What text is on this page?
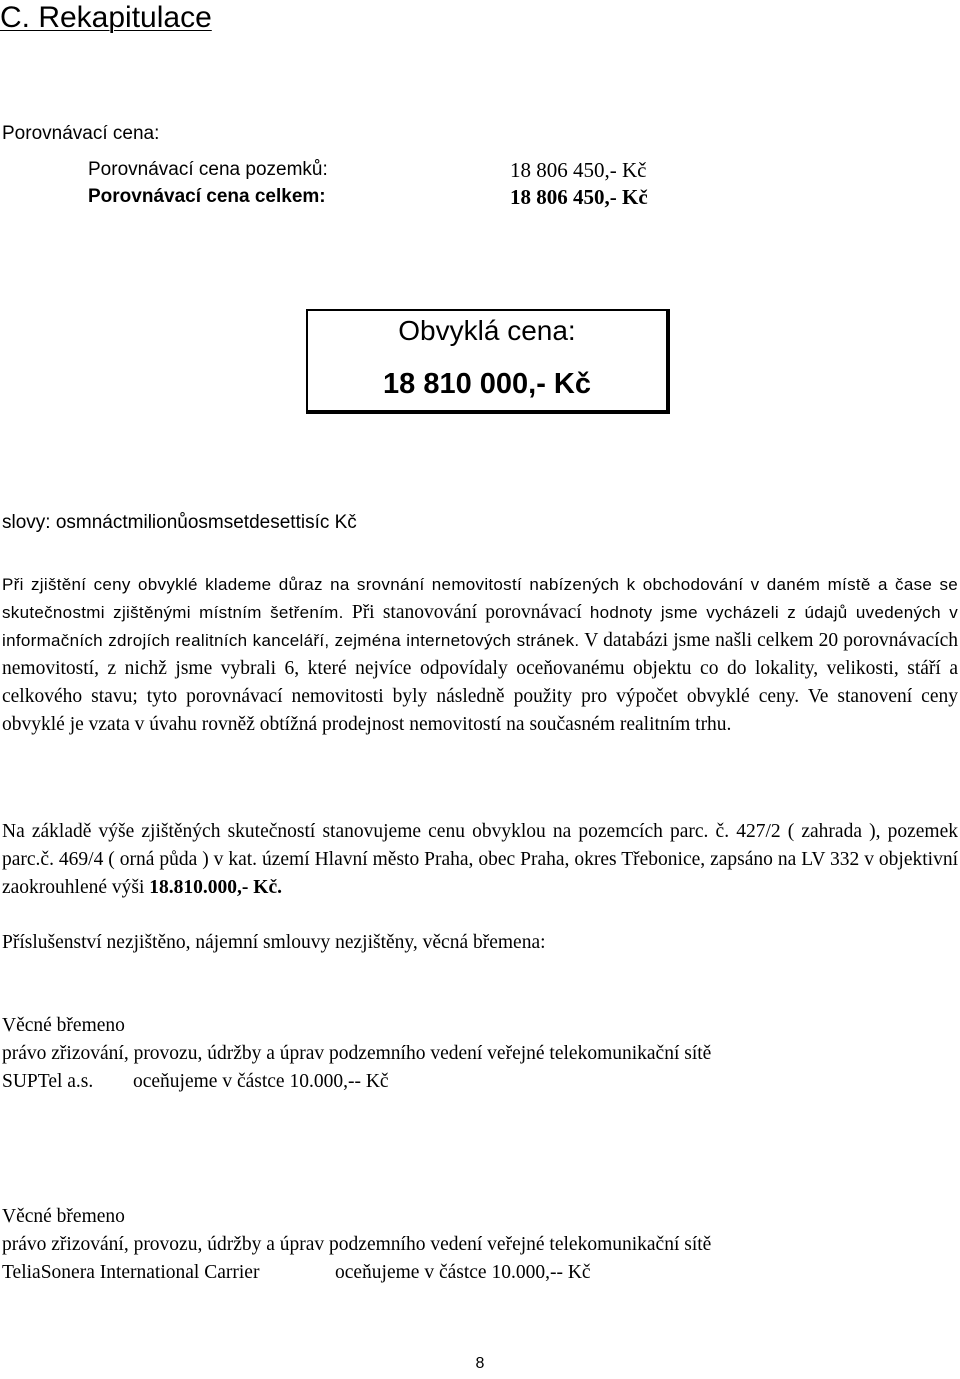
C. Rekapitulace
Porovnávací cena:
Porovnávací cena pozemků:	18 806 450,- Kč
Porovnávací cena celkem:	18 806 450,- Kč
Obvyklá cena:
18 810 000,- Kč
slovy: osmnáctmilionůosmsetdesettisíc Kč
Při zjištění ceny obvyklé klademe důraz na srovnání nemovitostí nabízených k obchodování v daném místě a čase se skutečnostmi zjištěnými místním šetřením. Při stanovování porovnávací hodnoty jsme vycházeli z údajů uvedených v informačních zdrojích realitních kanceláří, zejména internetových stránek. V databázi jsme našli celkem 20 porovnávacích nemovitostí, z nichž jsme vybrali 6, které nejvíce odpovídaly oceňovanému objektu co do lokality, velikosti, stáří a celkového stavu; tyto porovnávací nemovitosti byly následně použity pro výpočet obvyklé ceny. Ve stanovení ceny obvyklé je vzata v úvahu rovněž obtížná prodejnost nemovitostí na současném realitním trhu.
Na základě výše zjištěných skutečností stanovujeme cenu obvyklou na pozemcích parc. č. 427/2 ( zahrada ), pozemek parc.č. 469/4 ( orná půda ) v kat. území Hlavní město Praha, obec Praha, okres Třebonice, zapsáno na LV 332 v objektivní zaokrouhlené výši 18.810.000,- Kč.
Příslušenství nezjištěno, nájemní smlouvy nezjištěny, věcná břemena:
Věcné břemeno
právo zřizování, provozu, údržby a úprav podzemního vedení veřejné telekomunikační sítě
SUPTel a.s. oceňujeme v částce 10.000,-- Kč
Věcné břemeno
právo zřizování, provozu, údržby a úprav podzemního vedení veřejné telekomunikační sítě
TeliaSonera International Carrier	oceňujeme v částce 10.000,-- Kč
8
